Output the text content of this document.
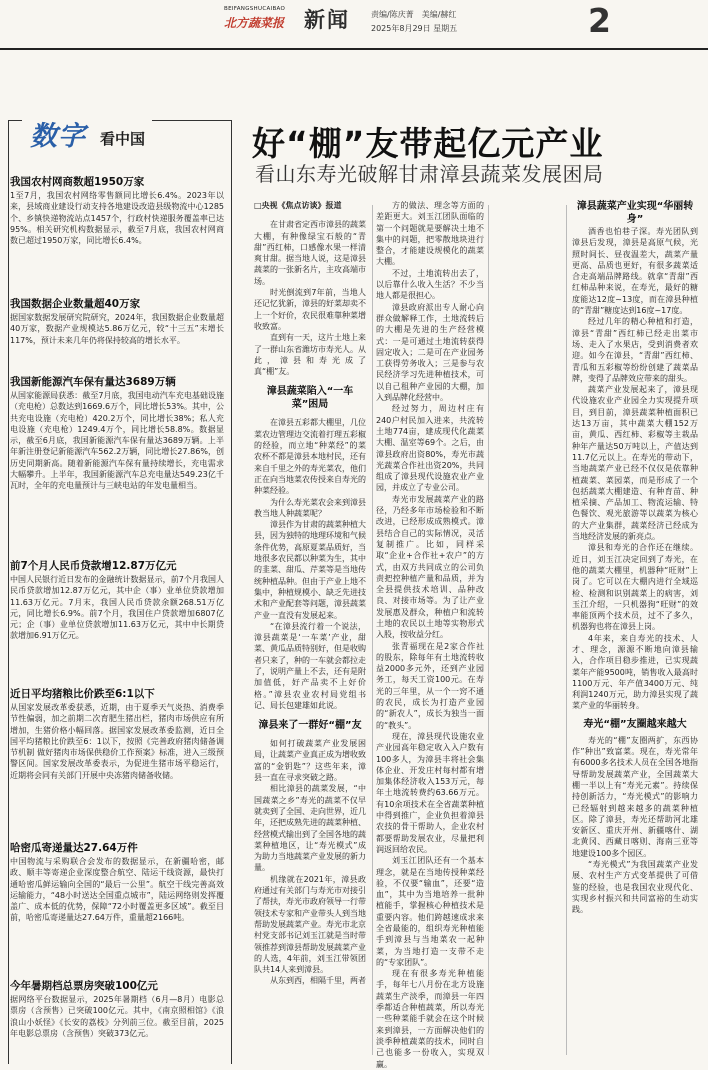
BEIFANGSHUCAIBAO
北方蔬菜报 新闻	责编/陈庆菁　美编/赫红
2025年8月29日 星期五	2
数字 看中国
我国农村网商数超1950万家

1至7月，我国农村网络零售额同比增长6.4%。2023年以来，县域商业建设行动支持各地建设改造县级物流中心1285个、乡镇快递物流站点1457个，行政村快递服务覆盖率已达95%。相关研究机构数据显示，截至7月底，我国农村网商数已超过1950万家，同比增长6.4%。

我国数据企业数量超40万家

据国家数据发展研究院研究，2024年，我国数据企业数量超40万家，数据产业规模达5.86万亿元，较“十三五”末增长117%，预计未来几年仍将保持较高的增长水平。

我国新能源汽车保有量达3689万辆

从国家能源局获悉：截至7月底，我国电动汽车充电基础设施（充电枪）总数达到1669.6万个，同比增长53%。其中，公共充电设施（充电枪）420.2万个，同比增长38%；私人充电设施（充电枪）1249.4万个，同比增长58.8%。数据显示，截至6月底，我国新能源汽车保有量达3689万辆。上半年新注册登记新能源汽车562.2万辆，同比增长27.86%，创历史同期新高。随着新能源汽车保有量持续增长，充电需求大幅攀升。上半年，我国新能源汽车总充电量达549.23亿千瓦时，全年的充电量预计与三峡电站的年发电量相当。

前7个月人民币贷款增12.87万亿元

中国人民银行近日发布的金融统计数据显示，前7个月我国人民币贷款增加12.87万亿元，其中企（事）业单位贷款增加11.63万亿元。7月末，我国人民币贷款余额268.51万亿元，同比增长6.9%。前7个月，我国住户贷款增加6807亿元；企（事）业单位贷款增加11.63万亿元，其中中长期贷款增加6.91万亿元。

近日平均猪粮比价跌至6:1以下

从国家发展改革委获悉，近期，由于夏季天气炎热、消费季节性偏弱，加之前期二次育肥生猪出栏，猪肉市场供应有所增加，生猪价格小幅回落。据国家发展改革委监测，近日全国平均猪粮比价跌至6：1以下，按照《完善政府猪肉储备调节机制 做好猪肉市场保供稳价工作预案》标准，进入三级预警区间。国家发展改革委表示，为促进生猪市场平稳运行，近期将会同有关部门开展中央冻猪肉储备收储。

哈密瓜寄递量达27.64万件

中国物流与采购联合会发布的数据显示，在新疆哈密，邮政、顺丰等寄递企业深度整合航空、陆运干线资源，最快打通哈密瓜鲜运输向全国的“最后一公里”。航空干线完善高效运输能力，“48小时送达全国重点城市”，陆运网络则发挥覆盖广、成本低的优势，保障“72小时覆盖更多区域”。截至目前，哈密瓜寄递量达27.64万件，重量超2166吨。

今年暑期档总票房突破100亿元

据网络平台数据显示，2025年暑期档（6月—8月）电影总票房（含预售）已突破100亿元。其中，《南京照相馆》《浪浪山小妖怪》《长安的荔枝》分列前三位。截至目前，2025年电影总票房（含预售）突破373亿元。

好“棚”友带起亿元产业
看山东寿光破解甘肃漳县蔬菜发展困局

□央视《焦点访谈》报道

在甘肃省定西市漳县的蔬菜大棚，有种像绿宝石般的“青甜”西红柿，口感像水果一样清爽甘甜。据当地人说，这是漳县蔬菜的一张新名片，主攻高端市场。

时光倒流到7年前，当地人还记忆犹新，漳县的好菜却卖不上一个好价，农民很难靠种菜增收致富。

直到有一天，这片土地上来了一群山东省潍坊市寿光人。从此，漳县和寿光成了真“棚”友。

漳县蔬菜陷入“一车菜”困局

在漳县五彩都大棚里，几位菜农边管理边交流着打理五彩椒的经验，而立地“种菜经”的菜农杯不都是漳县本地村民，还有来自千里之外的寿光菜农，他们正在向当地菜农传授来自寿光的种菜经验。

为什么寿光菜农会来到漳县教当地人种蔬菜呢？

漳县作为甘肃的蔬菜种植大县，因为独特的地理环境和气候条件优势，高原夏菜品质好，当地很多农民都以种菜为生，其中的韭菜、甜瓜、芹菜等是当地传统种植品种。但由于产业上地不集中，种植规模小、缺乏先进技术和产业配套等问题，漳县蔬菜产业一直没有发展起来。

“在漳县流行着一个说法，漳县蔬菜是‘一车菜’产业，甜菜、黄瓜品质特别好，但是收购者只来了，种的一车就会都拉走了，说明产量上不去，还有是附加值低，好产品卖不上好价格。”漳县农业农村局党组书记、局长包建雄如此说。

漳县来了一群好“棚”友

如何打破蔬菜产业发展困局，让蔬菜产业真正成为增收致富的“金钥匙”？这些年来，漳县一直在寻求突破之路。

相比漳县的蔬菜发展，“中国蔬菜之乡”寿光的蔬菜不仅早就卖到了全国、走向世界，近几年，还把成熟先进的蔬菜种植、经营模式输出到了全国各地的蔬菜种植地区，让“寿光模式”成为助力当地蔬菜产业发展的新力量。

机缘就在2021年，漳县政府通过有关部门与寿光市对接引了帮扶，寿光市政府领导一行带领技术专家和产业带头人到当地帮助发展蔬菜产业。寿光市北京村党支部书记刘玉江就是当时带领推荐到漳县帮助发展蔬菜产业的人选，4年前，刘玉江带领团队共14人来到漳县。

从东到西，相隔千里，两者

方的做法、理念等方面的差距更大。刘玉江团队面临的第一个问题就是要解决土地不集中的问题，把零散地块进行整合，才能建设规模化的蔬菜大棚。

不过，土地流转出去了，以后靠什么收入生活？不少当地人都是很担心。

漳县政府派出专人耐心向群众做解释工作，土地流转后的大棚是先进的生产经营模式：一是可通过土地流转获得固定收入；二是可在产业园务工获得劳务收入；三是参与农民经济学习先进种植技术，可以自己租种产业园的大棚，加入到品牌化经营中。

经过努力，周边村庄有240户村民加入进来，共流转土地774亩，建成现代化蔬菜大棚、温室等69个。之后，由漳县政府出资80%，寿光市蔬光蔬菜合作社出资20%，共同组成了漳县现代设施农业产业园，并成立了专业公司。

寿光市发展蔬菜产业的路径，乃经多年市场检验和不断改进，已经形成成熟模式。漳县结合自己的实际情况，灵活复制推广。比如，同样采取“企业+合作社+农户”的方式，由双方共同成立的公司负责把控种植产量和品质，并为全县提供技术培训、品种改良、对接市场等。为了让产业发展惠及群众，种植户和流转土地的农民以土地等实物形式入股，按收益分红。

张青福现在是2家合作社的股东，除每年有土地流转收益2000多元外，还到产业园务工，每天工资100元。在寿光的三年里，从一个一窍不通的农民，成长为打造产业园的“新农人”，成长为独当一面的“教头”。

现在，漳县现代设施农业产业园高年稳定收入入户数有100多人，为漳县丰将社会集体企业、开发庄村每村都有增加集体经济收入153万元，每年土地流转费约63.66万元。有10余项技术在全省蔬菜种植中得到推广，企业负担着漳县农技的骨干帮助人，企业农村都要帮助发展农业，尽量把利润返回给农民。

刘玉江团队还有一个基本理念，就是在当地传授种菜经验，不仅要“输血”，还要“造血”，其中为当地培养一批种植能手，掌握核心种植技术是重要内容。他们跨越速成求来全省最能的，组织寿光种植能手到漳县与当地菜农一起种菜，为当地打造一支带不走的“专家团队”。

现在有很多寿光种植能手，每年七八月份在北方设施蔬菜生产淡季，而漳县一年四季都适合种植蔬菜，所以寿光一些种菜能手就会在这个时候来到漳县，一方面解决他们的淡季种植蔬菜的技术，同时自己也能多一份收入，实现双赢。

漳县蔬菜产业实现“华丽转身”

酒香也怕巷子深。寿光团队到漳县后发现，漳县是高原气候，光照时间长、昼夜温差大，蔬菜产量更高、品质也更好，有很多蔬菜适合走高端品牌路线。就拿“青甜”西红柿品种来说，在寿光，最好的糖度能达12度~13度，而在漳县种植的“青甜”糖度达到16度~17度。

经过几年的精心种植和打造，漳县“青甜”西红柿已经走出菜市场、走入了水果店，受到消费者欢迎。如今在漳县，“青甜”西红柿、青瓜和五彩椒等纷纷创建了蔬菜品牌，变得了品牌效应带来的甜头。

蔬菜产业发展起来了，漳县现代设施农业产业园全力实现提升项目，到目前，漳县蔬菜种植面积已达13万亩，其中蔬菜大棚152万亩，黄瓜、西红柿、彩椒等主栽品种年产量达50万吨以上，产值达到11.7亿元以上。在寿光的带动下，当地蔬菜产业已经不仅仅是依靠种植蔬菜、菜园菜，而是形成了一个包括蔬菜大棚建造、有种育苗、种植采摘、产品加工、物流运输、特色餐饮、观光旅游等以蔬菜为核心的大产业集群，蔬菜经济已经成为当地经济发展的新亮点。

漳县和寿光的合作还在继续。近日，刘玉江决定回到了寿光，在他的蔬菜大棚里，机器种“旺财”上岗了。它可以在大棚内进行全域巡检、检测和识别蔬菜上的病害，刘玉江介绍，一只机器狗“旺财”的效率能顶两个技术员，过不了多久，机器狗也将在漳县上岗。

4年来，来自寿光的技术、人才、理念，源源不断地向漳县输入，合作项目稳步推进，已实现蔬菜年产能9500吨，销售收入最高时1100万元、年产值3400万元、纯利润1240万元，助力漳县实现了蔬菜产业的华丽转身。

寿光“棚”友圈越来越大

寿光的“棚”友圈两扩，东西协作”种出”致富菜。现在，寿光常年有6000多名技术人员在全国各地指导帮助发展蔬菜产业，全国蔬菜大棚一半以上有“寿光元素”。持续保持创新活力，“寿光模式”的影响力已经辐射到越来越多的蔬菜种植区。除了漳县，寿光还帮助河北雄安新区、重庆开州、新疆喀什、湖北黄冈、西藏日喀则、海南三亚等地建设100多个园区。

“寿光模式”为我国蔬菜产业发展、农村生产方式变革提供了可借鉴的经验，也是我国农业现代化、实现乡村振兴和共同富裕的生动实践。
